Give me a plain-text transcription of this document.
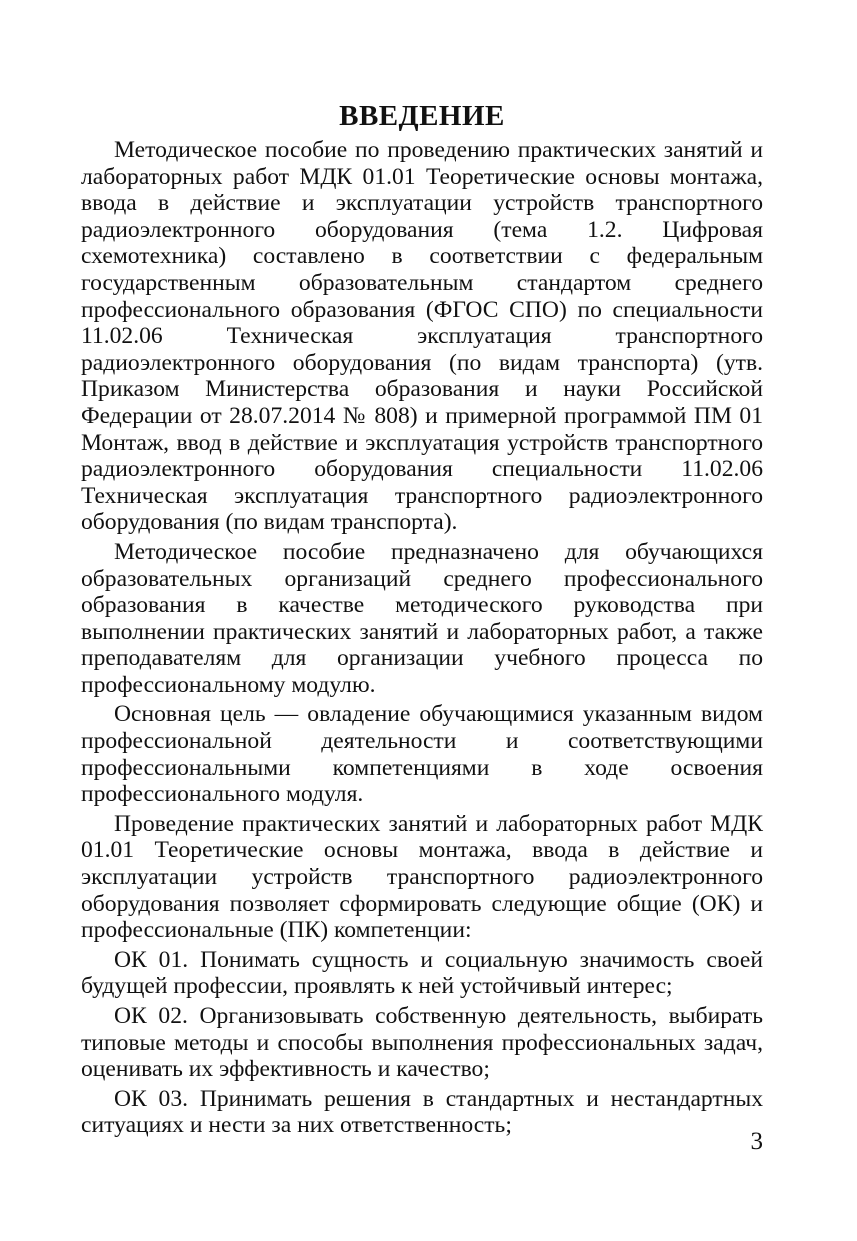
ВВЕДЕНИЕ

Методическое пособие по проведению практических занятий и лабораторных работ МДК 01.01 Теоретические основы монтажа, ввода в действие и эксплуатации устройств транспортного радиоэлектронного оборудования (тема 1.2. Цифровая схемотехника) составлено в соответствии с федеральным государственным образовательным стандартом среднего профессионального образования (ФГОС СПО) по специальности 11.02.06 Техническая эксплуатация транспортного радиоэлектронного оборудования (по видам транспорта) (утв. Приказом Министерства образования и науки Российской Федерации от 28.07.2014 № 808) и примерной программой ПМ 01 Монтаж, ввод в действие и эксплуатация устройств транспортного радиоэлектронного оборудования специальности 11.02.06 Техническая эксплуатация транспортного радиоэлектронного оборудования (по видам транспорта).

Методическое пособие предназначено для обучающихся образовательных организаций среднего профессионального образования в качестве методического руководства при выполнении практических занятий и лабораторных работ, а также преподавателям для организации учебного процесса по профессиональному модулю.

Основная цель — овладение обучающимися указанным видом профессиональной деятельности и соответствующими профессиональными компетенциями в ходе освоения профессионального модуля.

Проведение практических занятий и лабораторных работ МДК 01.01 Теоретические основы монтажа, ввода в действие и эксплуатации устройств транспортного радиоэлектронного оборудования позволяет сформировать следующие общие (ОК) и профессиональные (ПК) компетенции:

ОК 01. Понимать сущность и социальную значимость своей будущей профессии, проявлять к ней устойчивый интерес;

ОК 02. Организовывать собственную деятельность, выбирать типовые методы и способы выполнения профессиональных задач, оценивать их эффективность и качество;

ОК 03. Принимать решения в стандартных и нестандартных ситуациях и нести за них ответственность;

3
